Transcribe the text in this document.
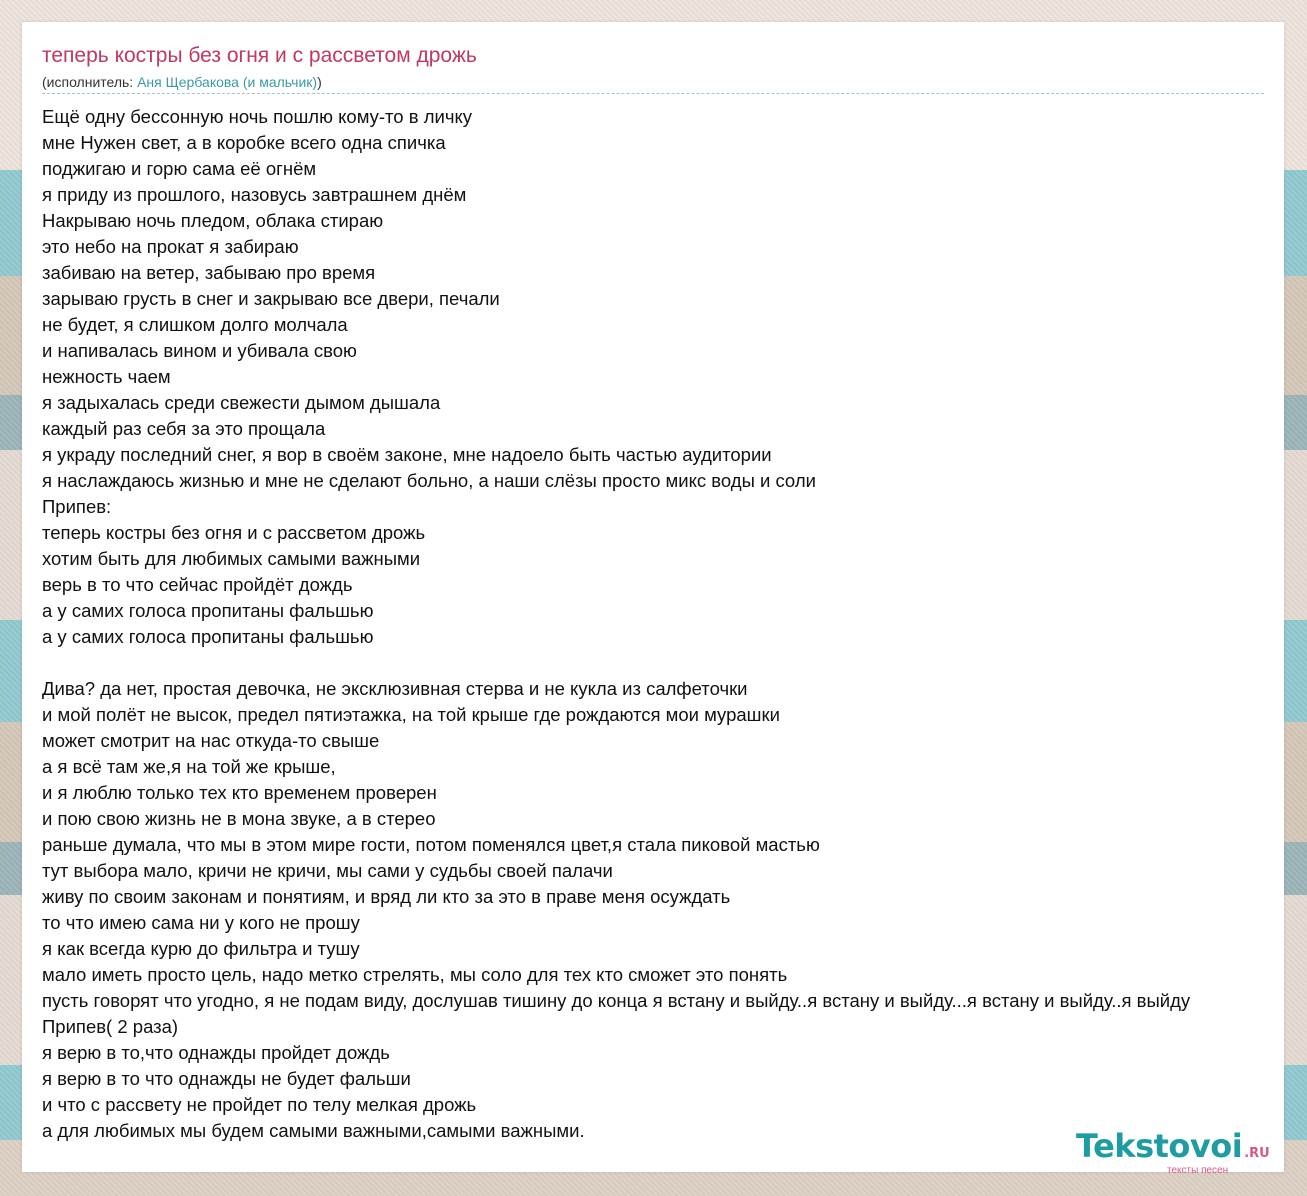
теперь костры без огня и с рассветом дрожь
(исполнитель: Аня Щербакова (и мальчик))
Ещё одну бессонную ночь пошлю кому-то в личку
мне Нужен свет, а в коробке всего одна спичка
поджигаю и горю сама её огнём
я приду из прошлого, назовусь завтрашнем днём
Накрываю ночь пледом, облака стираю
это небо на прокат я забираю
забиваю на ветер, забываю про время
зарываю грусть в снег и закрываю все двери, печали
не будет, я слишком долго молчала
и напивалась вином и убивала свою
нежность чаем
я задыхалась среди свежести дымом дышала
каждый раз себя за это прощала
я украду последний снег, я вор в своём законе, мне надоело быть частью аудитории
я наслаждаюсь жизнью и мне не сделают больно, а наши слёзы просто микс воды и соли
Припев:
теперь костры без огня и с рассветом дрожь
хотим быть для любимых самыми важными
верь в то что сейчас пройдёт дождь
а у самих голоса пропитаны фальшью
а у самих голоса пропитаны фальшью

Дива? да нет, простая девочка, не эксклюзивная стерва и не кукла из салфеточки
и мой полёт не высок, предел пятиэтажка, на той крыше где рождаются мои мурашки
может смотрит на нас откуда-то свыше
а я всё там же,я на той же крыше,
и я люблю только тех кто временем проверен
и пою свою жизнь не в мона звуке, а в стерео
раньше думала, что мы в этом мире гости, потом поменялся цвет,я стала пиковой мастью
тут выбора мало, кричи не кричи, мы сами у судьбы своей палачи
живу по своим законам и понятиям, и вряд ли кто за это в праве меня осуждать
то что имею сама ни у кого не прошу
я как всегда курю до фильтра и тушу
мало иметь просто цель, надо метко стрелять, мы соло для тех кто сможет это понять
пусть говорят что угодно, я не подам виду, дослушав тишину до конца я встану и выйду..я встану и выйду...я встану и выйду..я выйду
Припев( 2 раза)
я верю в то,что однажды пройдет дождь
я верю в то что однажды не будет фальши
и что с рассвету не пройдет по телу мелкая дрожь
а для любимых мы будем самыми важными,самыми важными.	Tekstovoi .RU
тексты песен
